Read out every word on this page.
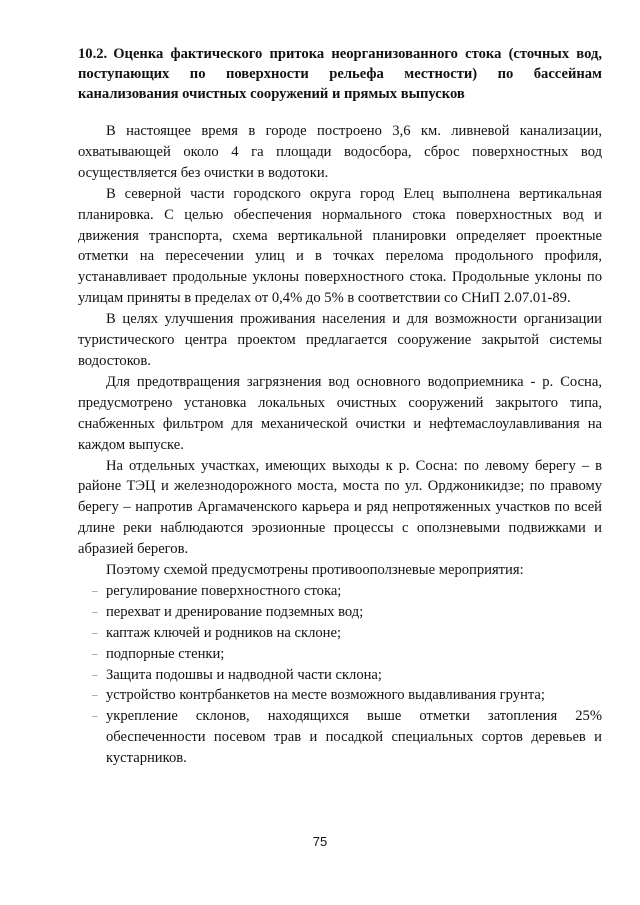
10.2. Оценка фактического притока неорганизованного стока (сточных вод, поступающих по поверхности рельефа местности) по бассейнам канализования очистных сооружений и прямых выпусков

В настоящее время в городе построено 3,6 км. ливневой канализации, охватывающей около 4 га площади водосбора, сброс поверхностных вод осуществляется без очистки в водотоки.

В северной части городского округа город Елец выполнена вертикальная планировка. С целью обеспечения нормального стока поверхностных вод и движения транспорта, схема вертикальной планировки определяет проектные отметки на пересечении улиц и в точках перелома продольного профиля, устанавливает продольные уклоны поверхностного стока. Продольные уклоны по улицам приняты в пределах от 0,4% до 5% в соответствии со СНиП 2.07.01-89.

В целях улучшения проживания населения и для возможности организации туристического центра проектом предлагается сооружение закрытой системы водостоков.

Для предотвращения загрязнения вод основного водоприемника - р. Сосна, предусмотрено установка локальных очистных сооружений закрытого типа, снабженных фильтром для механической очистки и нефтемаслоулавливания на каждом выпуске.

На отдельных участках, имеющих выходы к р. Сосна: по левому берегу – в районе ТЭЦ и железнодорожного моста, моста по ул. Орджоникидзе; по правому берегу – напротив Аргамаченского карьера и ряд непротяженных участков по всей длине реки наблюдаются эрозионные процессы с оползневыми подвижками и абразией берегов.

Поэтому схемой предусмотрены противооползневые мероприятия:

– регулирование поверхностного стока;
– перехват и дренирование подземных вод;
– каптаж ключей и родников на склоне;
– подпорные стенки;
– Защита подошвы и надводной части склона;
– устройство контрбанкетов на месте возможного выдавливания грунта;
– укрепление склонов, находящихся выше отметки затопления 25% обеспеченности посевом трав и посадкой специальных сортов деревьев и кустарников.
75
